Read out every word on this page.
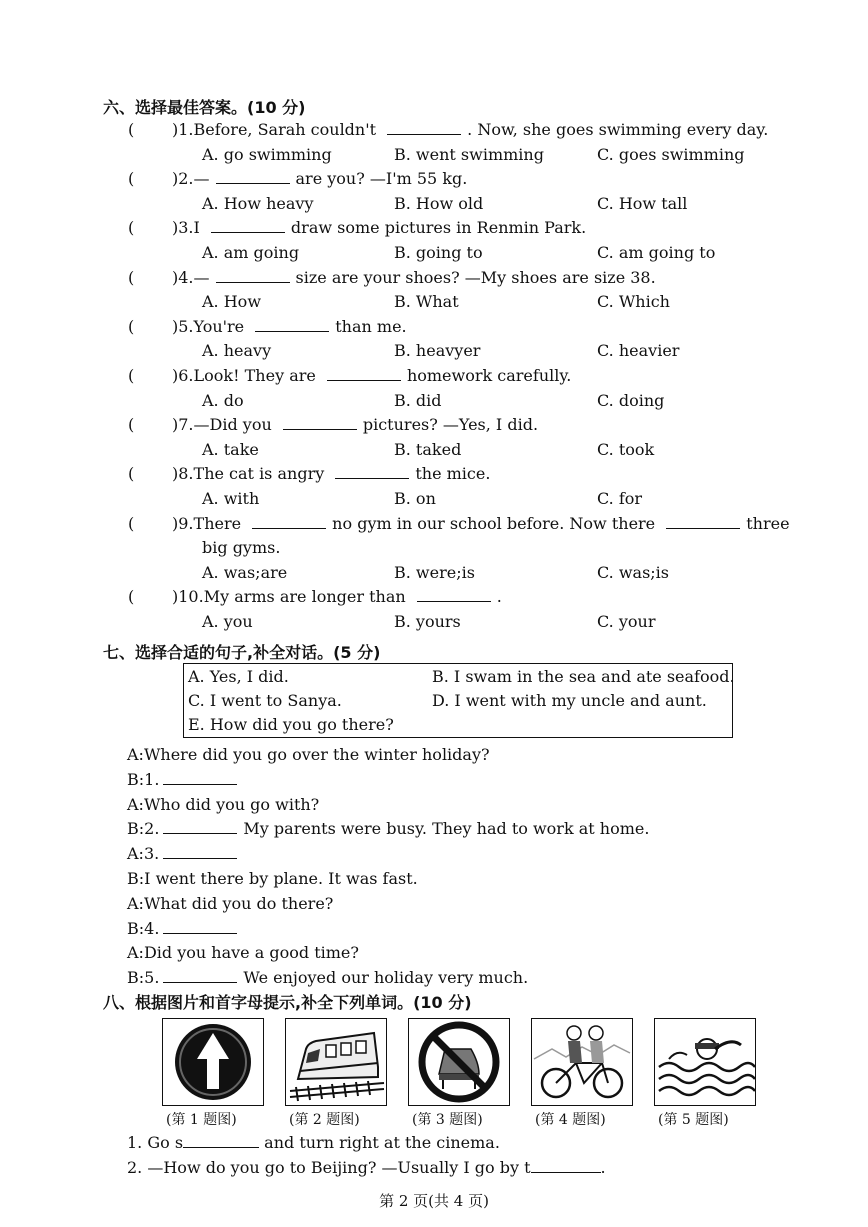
六、选择最佳答案。(10 分)
( )1.Before, Sarah couldn't	. Now, she goes swimming every day.
A. go swimming	B. went swimming	C. goes swimming
( )2.—	are you? —I'm 55 kg.
A. How heavy	B. How old	C. How tall
( )3.I	draw some pictures in Renmin Park.
A. am going	B. going to	C. am going to
( )4.—	size are your shoes? —My shoes are size 38.
A. How	B. What	C. Which
( )5.You're	than me.
A. heavy	B. heavyer	C. heavier
( )6.Look! They are	homework carefully.
A. do	B. did	C. doing
( )7.—Did you	pictures? —Yes, I did.
A. take	B. taked	C. took
( )8.The cat is angry	the mice.
A. with	B. on	C. for
( )9.There	no gym in our school before. Now there	three
big gyms.
A. was;are	B. were;is	C. was;is
( )10.My arms are longer than	.
A. you	B. yours	C. your
七、选择合适的句子,补全对话。(5 分)
A. Yes, I did.	B. I swam in the sea and ate seafood.
C. I went to Sanya.	D. I went with my uncle and aunt.
E. How did you go there?
A:Where did you go over the winter holiday?
B:1.
A:Who did you go with?
B:2.	My parents were busy. They had to work at home.
A:3.
B:I went there by plane. It was fast.
A:What did you do there?
B:4.
A:Did you have a good time?
B:5.	We enjoyed our holiday very much.
八、根据图片和首字母提示,补全下列单词。(10 分)
(第 1 题图)	(第 2 题图)	(第 3 题图)	(第 4 题图)	(第 5 题图)
1. Go s	and turn right at the cinema.
2. —How do you go to Beijing? —Usually I go by t	.
第 2 页(共 4 页)
